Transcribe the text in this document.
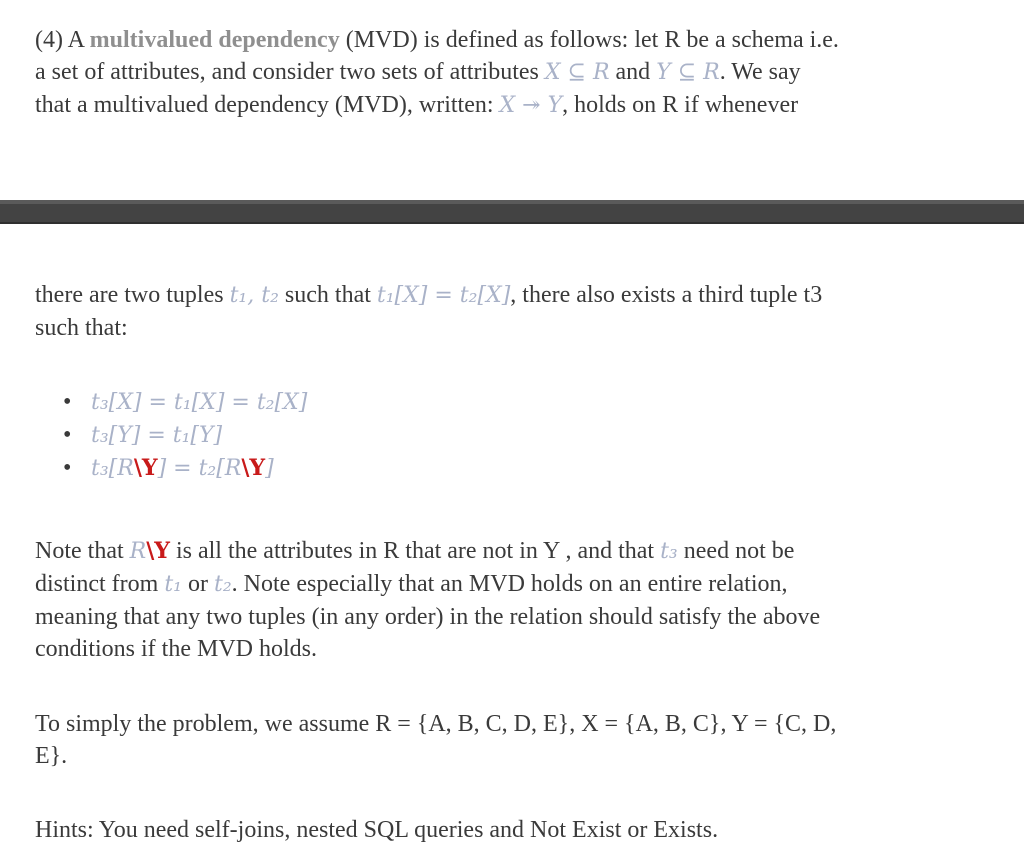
(4) A multivalued dependency (MVD) is defined as follows: let R be a schema i.e.
a set of attributes, and consider two sets of attributes X ⊆ R and Y ⊆ R. We say
that a multivalued dependency (MVD), written: X ↠ Y, holds on R if whenever
there are two tuples t₁, t₂ such that t₁[X] = t₂[X], there also exists a third tuple t3
such that:
• t₃[X] = t₁[X] = t₂[X]
• t₃[Y] = t₁[Y]
• t₃[R\Y] = t₂[R\Y]
Note that R\Y is all the attributes in R that are not in Y , and that t₃ need not be
distinct from t₁ or t₂. Note especially that an MVD holds on an entire relation,
meaning that any two tuples (in any order) in the relation should satisfy the above
conditions if the MVD holds.
To simply the problem, we assume R = {A, B, C, D, E}, X = {A, B, C}, Y = {C, D,
E}.
Hints: You need self-joins, nested SQL queries and Not Exist or Exists.
